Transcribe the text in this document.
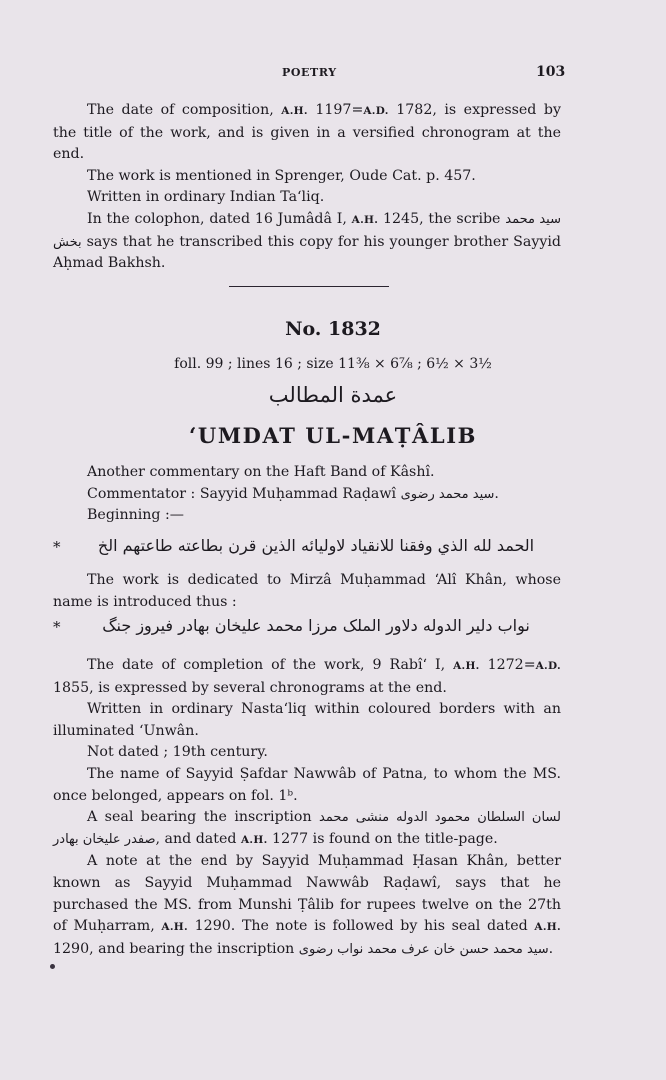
POETRY	103

The date of composition, A.H. 1197=A.D. 1782, is expressed by the title of the work, and is given in a versified chronogram at the end.

The work is mentioned in Sprenger, Oude Cat. p. 457.

Written in ordinary Indian Ta‘liq.

In the colophon, dated 16 Jumâdâ I, A.H. 1245, the scribe سید محمد بخش says that he transcribed this copy for his younger brother Sayyid Aḥmad Bakhsh.

No. 1832
foll. 99 ; lines 16 ; size 11⅜ × 6⅞ ; 6½ × 3½
عمدة المطالب
‘UMDAT UL-MAṬÂLIB

Another commentary on the Haft Band of Kâshî.

Commentator : Sayyid Muḥammad Raḍawî سید محمد رضوی.

Beginning :—

*	الحمد لله الذي وفقنا للانقياد لاوليائه الذين قرن بطاعته طاعتهم الخ

The work is dedicated to Mirzâ Muḥammad ‘Alî Khân, whose name is introduced thus :

*	نواب دلیر الدوله دلاور الملک مرزا محمد علیخان بهادر فیروز جنگ

The date of completion of the work, 9 Rabî‘ I, A.H. 1272=A.D. 1855, is expressed by several chronograms at the end.

Written in ordinary Nasta‘liq within coloured borders with an illuminated ‘Unwân.

Not dated ; 19th century.

The name of Sayyid Ṣafdar Nawwâb of Patna, to whom the MS. once belonged, appears on fol. 1ᵇ.

A seal bearing the inscription لسان السلطان محمود الدوله منشی محمد صفدر علیخان بهادر, and dated A.H. 1277 is found on the title-page.

A note at the end by Sayyid Muḥammad Ḥasan Khân, better known as Sayyid Muḥammad Nawwâb Raḍawî, says that he purchased the MS. from Munshi Ṭâlib for rupees twelve on the 27th of Muḥarram, A.H. 1290. The note is followed by his seal dated A.H. 1290, and bearing the inscription سید محمد حسن خان عرف محمد نواب رضوی.
